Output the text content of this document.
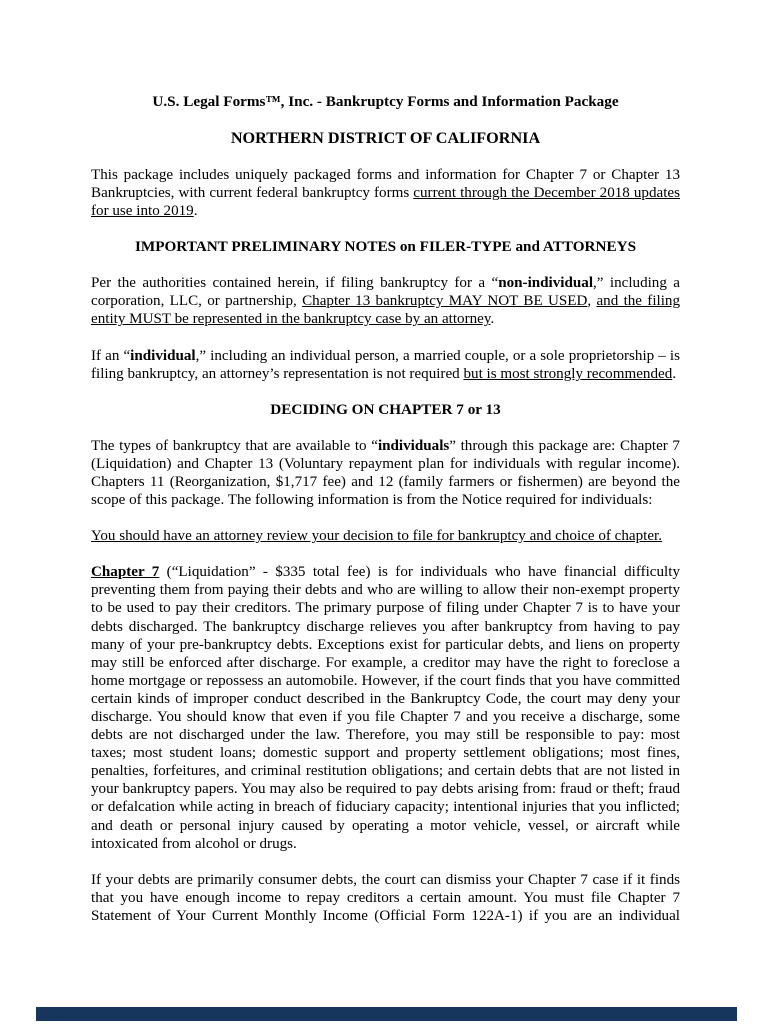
U.S. Legal Forms™, Inc. - Bankruptcy Forms and Information Package
NORTHERN DISTRICT OF CALIFORNIA

This package includes uniquely packaged forms and information for Chapter 7 or Chapter 13 Bankruptcies, with current federal bankruptcy forms current through the December 2018 updates for use into 2019.

IMPORTANT PRELIMINARY NOTES on FILER-TYPE and ATTORNEYS

Per the authorities contained herein, if filing bankruptcy for a “non-individual,” including a corporation, LLC, or partnership, Chapter 13 bankruptcy MAY NOT BE USED, and the filing entity MUST be represented in the bankruptcy case by an attorney.

If an “individual,” including an individual person, a married couple, or a sole proprietorship – is filing bankruptcy, an attorney’s representation is not required but is most strongly recommended.

DECIDING ON CHAPTER 7 or 13

The types of bankruptcy that are available to “individuals” through this package are: Chapter 7 (Liquidation) and Chapter 13 (Voluntary repayment plan for individuals with regular income). Chapters 11 (Reorganization, $1,717 fee) and 12 (family farmers or fishermen) are beyond the scope of this package. The following information is from the Notice required for individuals:

You should have an attorney review your decision to file for bankruptcy and choice of chapter.

Chapter 7 (“Liquidation” - $335 total fee) is for individuals who have financial difficulty preventing them from paying their debts and who are willing to allow their non-exempt property to be used to pay their creditors. The primary purpose of filing under Chapter 7 is to have your debts discharged. The bankruptcy discharge relieves you after bankruptcy from having to pay many of your pre-bankruptcy debts. Exceptions exist for particular debts, and liens on property may still be enforced after discharge. For example, a creditor may have the right to foreclose a home mortgage or repossess an automobile. However, if the court finds that you have committed certain kinds of improper conduct described in the Bankruptcy Code, the court may deny your discharge. You should know that even if you file Chapter 7 and you receive a discharge, some debts are not discharged under the law. Therefore, you may still be responsible to pay: most taxes; most student loans; domestic support and property settlement obligations; most fines, penalties, forfeitures, and criminal restitution obligations; and certain debts that are not listed in your bankruptcy papers. You may also be required to pay debts arising from: fraud or theft; fraud or defalcation while acting in breach of fiduciary capacity; intentional injuries that you inflicted; and death or personal injury caused by operating a motor vehicle, vessel, or aircraft while intoxicated from alcohol or drugs.

If your debts are primarily consumer debts, the court can dismiss your Chapter 7 case if it finds that you have enough income to repay creditors a certain amount. You must file Chapter 7 Statement of Your Current Monthly Income (Official Form 122A-1) if you are an individual
